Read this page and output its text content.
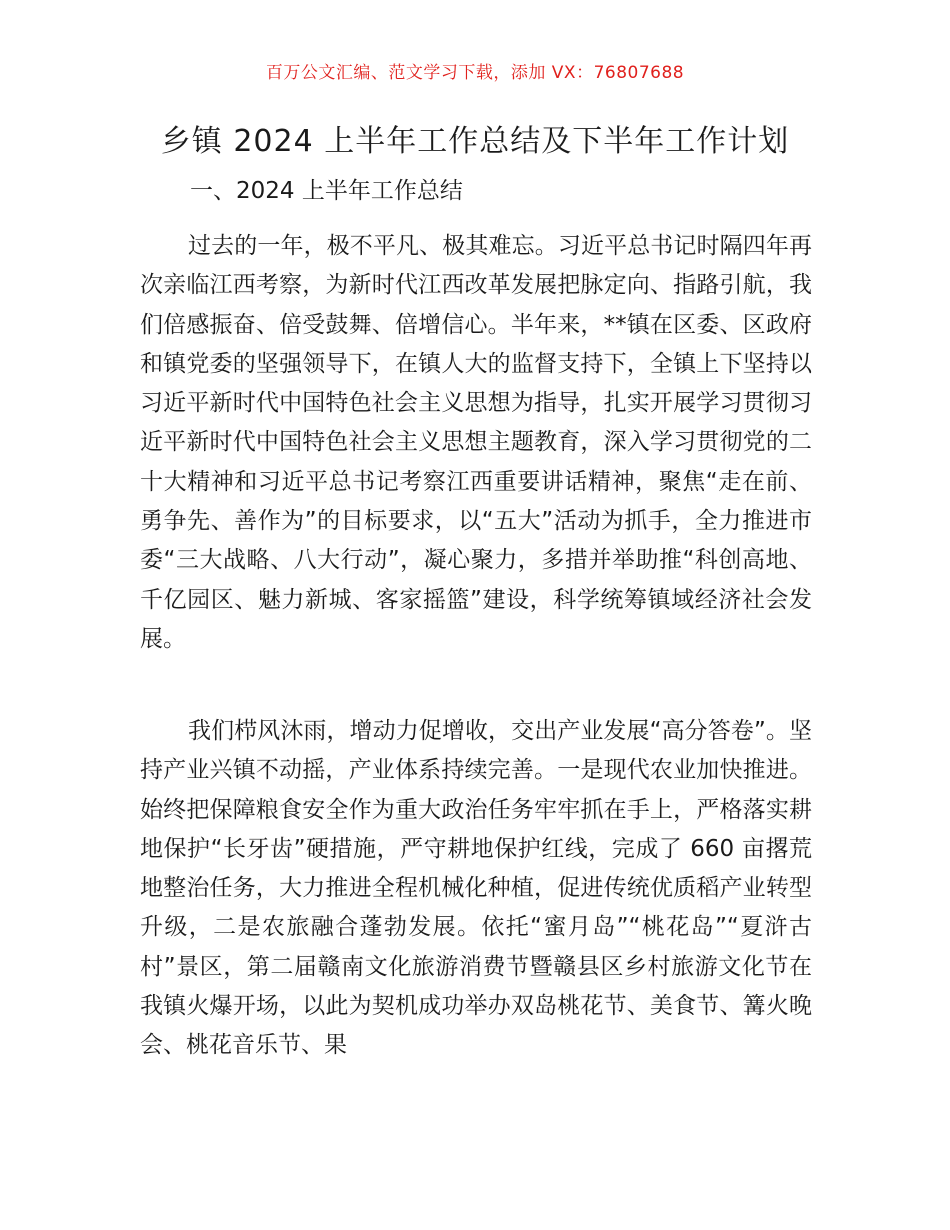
百万公文汇编、范文学习下载，添加 VX：76807688
乡镇 2024 上半年工作总结及下半年工作计划
一、2024 上半年工作总结

过去的一年，极不平凡、极其难忘。习近平总书记时隔四年再次亲临江西考察，为新时代江西改革发展把脉定向、指路引航，我们倍感振奋、倍受鼓舞、倍增信心。半年来，**镇在区委、区政府和镇党委的坚强领导下，在镇人大的监督支持下，全镇上下坚持以习近平新时代中国特色社会主义思想为指导，扎实开展学习贯彻习近平新时代中国特色社会主义思想主题教育，深入学习贯彻党的二十大精神和习近平总书记考察江西重要讲话精神，聚焦“走在前、勇争先、善作为”的目标要求，以“五大”活动为抓手，全力推进市委“三大战略、八大行动”，凝心聚力，多措并举助推“科创高地、千亿园区、魅力新城、客家摇篮”建设，科学统筹镇域经济社会发展。

我们栉风沐雨，增动力促增收，交出产业发展“高分答卷”。坚持产业兴镇不动摇，产业体系持续完善。一是现代农业加快推进。始终把保障粮食安全作为重大政治任务牢牢抓在手上，严格落实耕地保护“长牙齿”硬措施，严守耕地保护红线，完成了 660 亩撂荒地整治任务，大力推进全程机械化种植，促进传统优质稻产业转型升级，二是农旅融合蓬勃发展。依托“蜜月岛”“桃花岛”“夏浒古村”景区，第二届赣南文化旅游消费节暨赣县区乡村旅游文化节在我镇火爆开场，以此为契机成功举办双岛桃花节、美食节、篝火晚会、桃花音乐节、果
